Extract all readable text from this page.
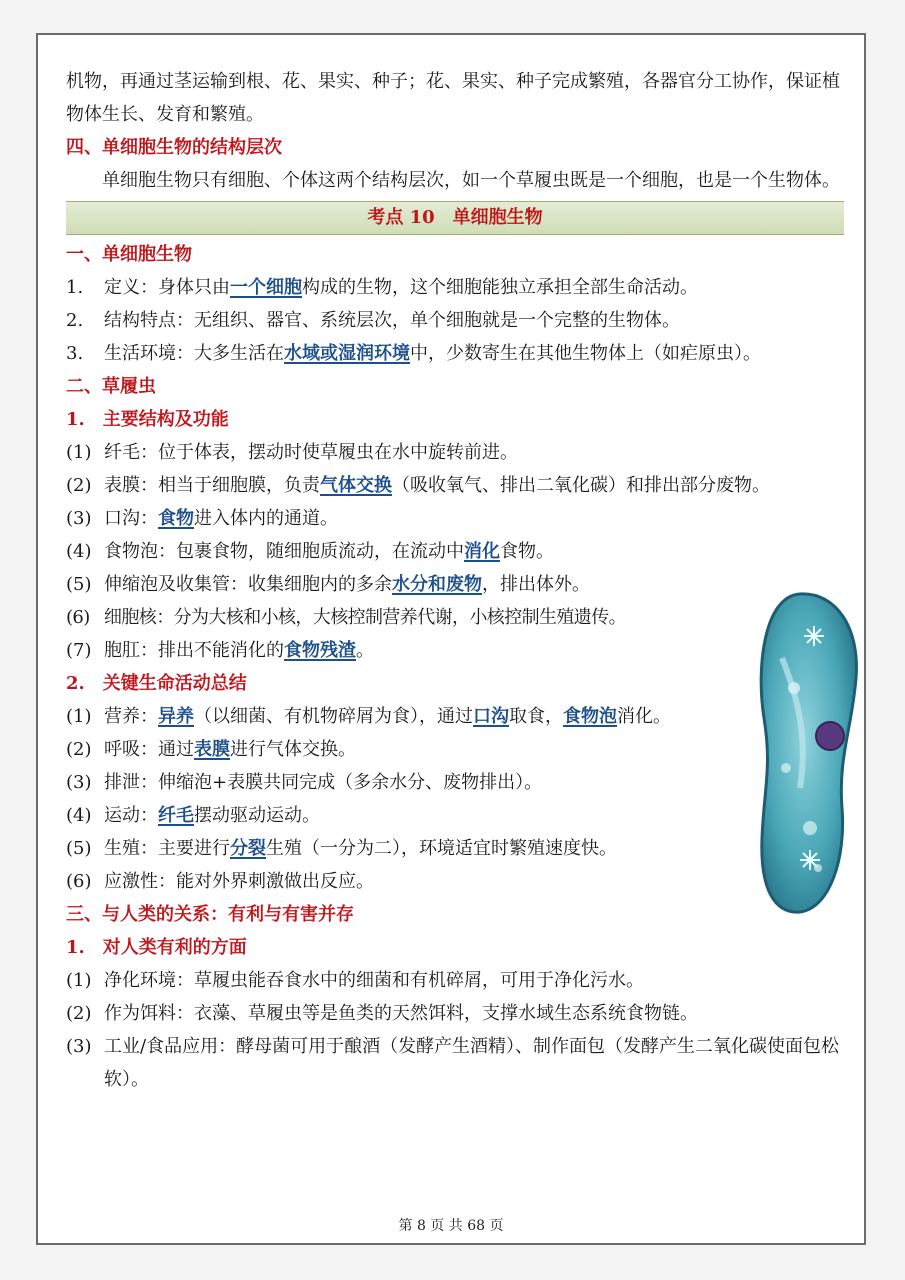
机物，再通过茎运输到根、花、果实、种子；花、果实、种子完成繁殖，各器官分工协作，保证植物体生长、发育和繁殖。

四、单细胞生物的结构层次

单细胞生物只有细胞、个体这两个结构层次，如一个草履虫既是一个细胞，也是一个生物体。

考点 10　单细胞生物

一、单细胞生物

1. 定义：身体只由一个细胞构成的生物，这个细胞能独立承担全部生命活动。

2. 结构特点：无组织、器官、系统层次，单个细胞就是一个完整的生物体。

3. 生活环境：大多生活在水域或湿润环境中，少数寄生在其他生物体上（如疟原虫）。

二、草履虫

1.　主要结构及功能

(1) 纤毛：位于体表，摆动时使草履虫在水中旋转前进。

(2) 表膜：相当于细胞膜，负责气体交换（吸收氧气、排出二氧化碳）和排出部分废物。

(3) 口沟：食物进入体内的通道。

(4) 食物泡：包裹食物，随细胞质流动，在流动中消化食物。

(5) 伸缩泡及收集管：收集细胞内的多余水分和废物，排出体外。

(6) 细胞核：分为大核和小核，大核控制营养代谢，小核控制生殖遗传。

(7) 胞肛：排出不能消化的食物残渣。

2.　关键生命活动总结

(1) 营养：异养（以细菌、有机物碎屑为食），通过口沟取食，食物泡消化。

(2) 呼吸：通过表膜进行气体交换。

(3) 排泄：伸缩泡+表膜共同完成（多余水分、废物排出）。

(4) 运动：纤毛摆动驱动运动。

(5) 生殖：主要进行分裂生殖（一分为二），环境适宜时繁殖速度快。

(6) 应激性：能对外界刺激做出反应。

三、与人类的关系：有利与有害并存

1.　对人类有利的方面

(1) 净化环境：草履虫能吞食水中的细菌和有机碎屑，可用于净化污水。

(2) 作为饵料：衣藻、草履虫等是鱼类的天然饵料，支撑水域生态系统食物链。

(3) 工业/食品应用：酵母菌可用于酿酒（发酵产生酒精）、制作面包（发酵产生二氧化碳使面包松软）。

第 8 页 共 68 页
